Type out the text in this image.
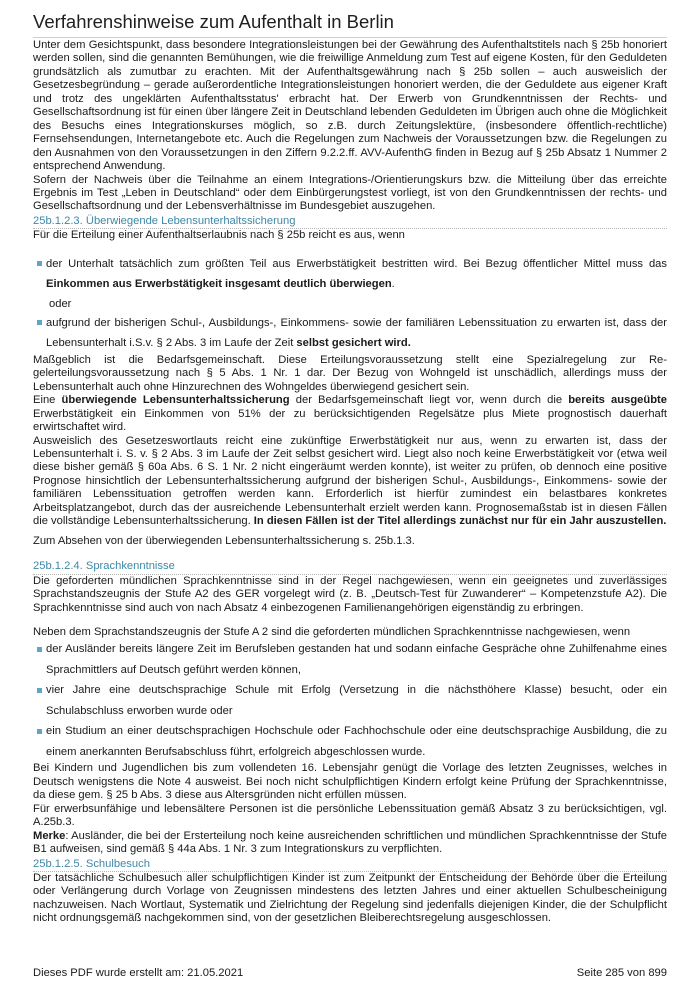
Verfahrenshinweise zum Aufenthalt in Berlin

Unter dem Gesichtspunkt, dass besondere Integrationsleistungen bei der Gewährung des Aufenthaltstitels nach § 25b honoriert werden sollen, sind die genannten Bemühungen, wie die freiwillige Anmeldung zum Test auf eigene Kosten, für den Geduldeten grundsätzlich als zumutbar zu erachten. Mit der Aufenthaltsgewährung nach § 25b sollen – auch ausweislich der Gesetzesbegründung – gerade außerordentliche Integrationsleistungen honoriert werden, die der Geduldete aus eigener Kraft und trotz des ungeklärten Aufenthaltsstatus' erbracht hat. Der Erwerb von Grundkenntnissen der Rechts- und Gesellschaftsordnung ist für einen über längere Zeit in Deutschland lebenden Geduldeten im Übrigen auch ohne die Möglichkeit des Besuchs eines Integrationskurses möglich, so z.B. durch Zeitungslektüre, (insbesondere öffentlich-rechtliche) Fernsehsendungen, Internetangebote etc. Auch die Regelungen zum Nachweis der Voraussetzungen bzw. die Regelungen zu den Ausnahmen von den Voraussetzungen in den Ziffern 9.2.2.ff. AVV-AufenthG finden in Bezug auf § 25b Absatz 1 Nummer 2 entsprechend Anwendung.

Sofern der Nachweis über die Teilnahme an einem Integrations-/Orientierungskurs bzw. die Mitteilung über das erreichte Ergebnis im Test „Leben in Deutschland“ oder dem Einbürgerungstest vorliegt, ist von den Grundkenntnissen der rechts- und Gesellschaftsordnung und der Lebensverhältnisse im Bundesgebiet auszugehen.

25b.1.2.3. Überwiegende Lebensunterhaltssicherung

Für die Erteilung einer Aufenthaltserlaubnis nach § 25b reicht es aus, wenn

der Unterhalt tatsächlich zum größten Teil aus Erwerbstätigkeit bestritten wird. Bei Bezug öffentlicher Mittel muss das Einkommen aus Erwerbstätigkeit insgesamt deutlich überwiegen.
oder
aufgrund der bisherigen Schul-, Ausbildungs-, Einkommens- sowie der familiären Lebenssituation zu erwarten ist, dass der Lebensunterhalt i.S.v. § 2 Abs. 3 im Laufe der Zeit selbst gesichert wird.

Maßgeblich ist die Bedarfsgemeinschaft. Diese Erteilungsvoraussetzung stellt eine Spezialregelung zur Re-gelerteilungsvoraussetzung nach § 5 Abs. 1 Nr. 1 dar. Der Bezug von Wohngeld ist unschädlich, allerdings muss der Lebensunterhalt auch ohne Hinzurechnen des Wohngeldes überwiegend gesichert sein.

Eine überwiegende Lebensunterhaltssicherung der Bedarfsgemeinschaft liegt vor, wenn durch die bereits ausgeübte Erwerbstätigkeit ein Einkommen von 51% der zu berücksichtigenden Regelsätze plus Miete prognostisch dauerhaft erwirtschaftet wird.

Ausweislich des Gesetzeswortlauts reicht eine zukünftige Erwerbstätigkeit nur aus, wenn zu erwarten ist, dass der Lebensunterhalt i. S. v. § 2 Abs. 3 im Laufe der Zeit selbst gesichert wird. Liegt also noch keine Erwerbstätigkeit vor (etwa weil diese bisher gemäß § 60a Abs. 6 S. 1 Nr. 2 nicht eingeräumt werden konnte), ist weiter zu prüfen, ob dennoch eine positive Prognose hinsichtlich der Lebensunterhaltssicherung aufgrund der bisherigen Schul-, Ausbildungs-, Einkommens- sowie der familiären Lebenssituation getroffen werden kann. Erforderlich ist hierfür zumindest ein belastbares konkretes Arbeitsplatzangebot, durch das der ausreichende Lebensunterhalt erzielt werden kann. Prognosemaßstab ist in diesen Fällen die vollständige Lebensunterhaltssicherung. In diesen Fällen ist der Titel allerdings zunächst nur für ein Jahr auszustellen.

Zum Absehen von der überwiegenden Lebensunterhaltssicherung s. 25b.1.3.

25b.1.2.4. Sprachkenntnisse

Die geforderten mündlichen Sprachkenntnisse sind in der Regel nachgewiesen, wenn ein geeignetes und zuverlässiges Sprachstandszeugnis der Stufe A2 des GER vorgelegt wird (z. B. „Deutsch-Test für Zuwanderer“ – Kompetenzstufe A2). Die Sprachkenntnisse sind auch von nach Absatz 4 einbezogenen Familienangehörigen eigenständig zu erbringen.

Neben dem Sprachstandszeugnis der Stufe A 2 sind die geforderten mündlichen Sprachkenntnisse nachgewiesen, wenn

der Ausländer bereits längere Zeit im Berufsleben gestanden hat und sodann einfache Gespräche ohne Zuhilfenahme eines Sprachmittlers auf Deutsch geführt werden können,
vier Jahre eine deutschsprachige Schule mit Erfolg (Versetzung in die nächsthöhere Klasse) besucht, oder ein Schulabschluss erworben wurde oder
ein Studium an einer deutschsprachigen Hochschule oder Fachhochschule oder eine deutschsprachige Ausbildung, die zu einem anerkannten Berufsabschluss führt, erfolgreich abgeschlossen wurde.

Bei Kindern und Jugendlichen bis zum vollendeten 16. Lebensjahr genügt die Vorlage des letzten Zeugnisses, welches in Deutsch wenigstens die Note 4 ausweist. Bei noch nicht schulpflichtigen Kindern erfolgt keine Prüfung der Sprachkenntnisse, da diese gem. § 25 b Abs. 3 diese aus Altersgründen nicht erfüllen müssen.

Für erwerbsunfähige und lebensältere Personen ist die persönliche Lebenssituation gemäß Absatz 3 zu berücksichtigen, vgl. A.25b.3.

Merke: Ausländer, die bei der Ersterteilung noch keine ausreichenden schriftlichen und mündlichen Sprachkenntnisse der Stufe B1 aufweisen, sind gemäß § 44a Abs. 1 Nr. 3 zum Integrationskurs zu verpflichten.

25b.1.2.5. Schulbesuch

Der tatsächliche Schulbesuch aller schulpflichtigen Kinder ist zum Zeitpunkt der Entscheidung der Behörde über die Erteilung oder Verlängerung durch Vorlage von Zeugnissen mindestens des letzten Jahres und einer aktuellen Schulbescheinigung nachzuweisen. Nach Wortlaut, Systematik und Zielrichtung der Regelung sind jedenfalls diejenigen Kinder, die der Schulpflicht nicht ordnungsgemäß nachgekommen sind, von der gesetzlichen Bleiberechtsregelung ausgeschlossen.

Dieses PDF wurde erstellt am: 21.05.2021	Seite 285 von 899
